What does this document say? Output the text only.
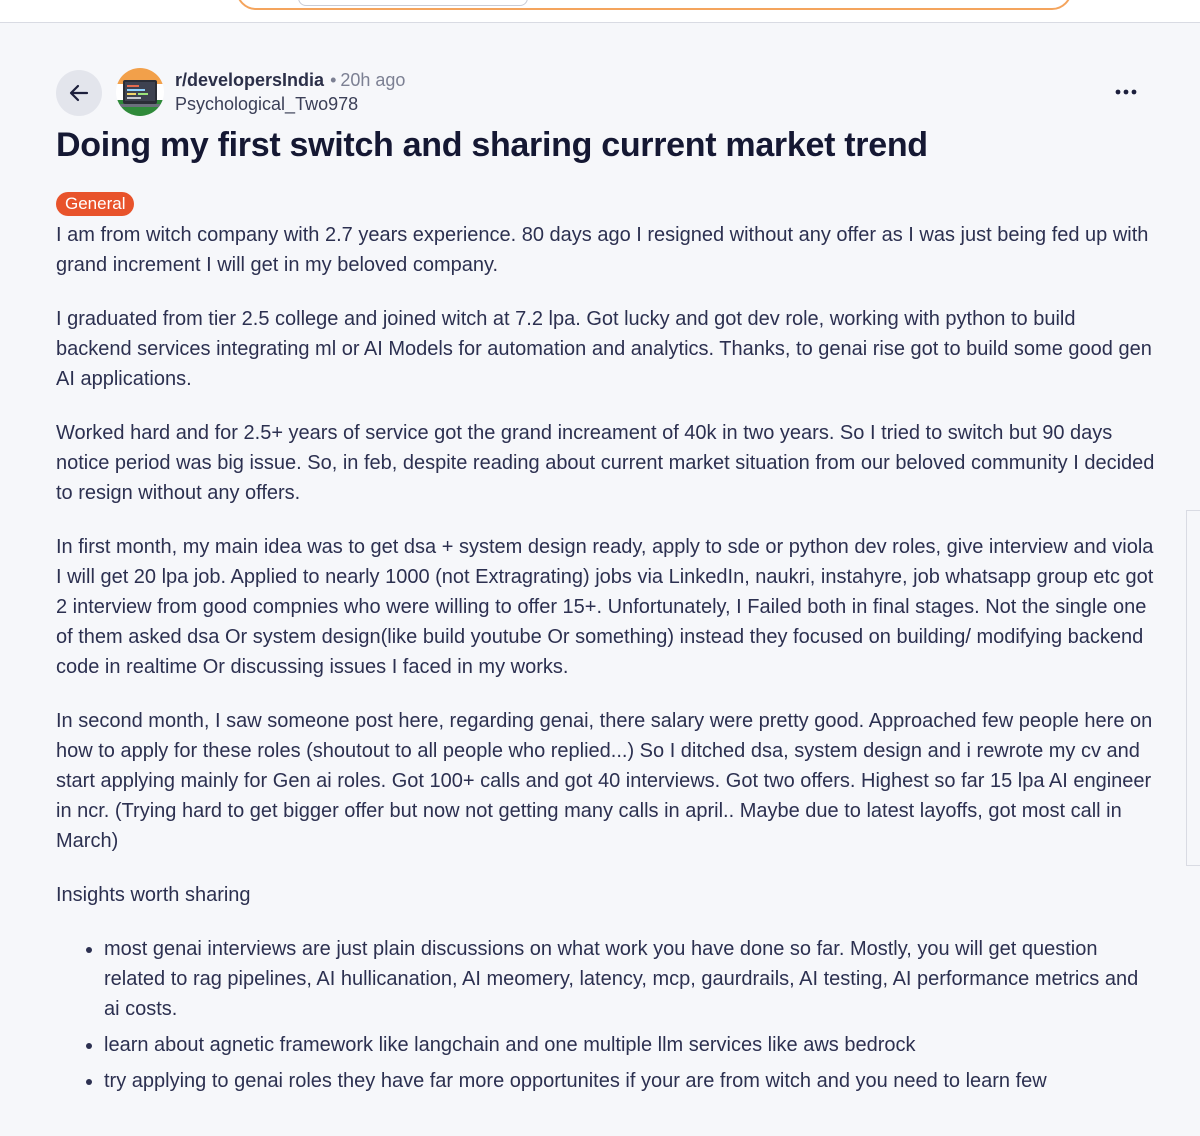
r/developersIndia • 20h ago
Psychological_Two978
Doing my first switch and sharing current market trend
General

I am from witch company with 2.7 years experience. 80 days ago I resigned without any offer as I was just being fed up with grand increment I will get in my beloved company.

I graduated from tier 2.5 college and joined witch at 7.2 lpa. Got lucky and got dev role, working with python to build backend services integrating ml or AI Models for automation and analytics. Thanks, to genai rise got to build some good gen AI applications.

Worked hard and for 2.5+ years of service got the grand increament of 40k in two years. So I tried to switch but 90 days notice period was big issue. So, in feb, despite reading about current market situation from our beloved community I decided to resign without any offers.

In first month, my main idea was to get dsa + system design ready, apply to sde or python dev roles, give interview and viola I will get 20 lpa job. Applied to nearly 1000 (not Extragrating) jobs via LinkedIn, naukri, instahyre, job whatsapp group etc got 2 interview from good compnies who were willing to offer 15+. Unfortunately, I Failed both in final stages. Not the single one of them asked dsa Or system design(like build youtube Or something) instead they focused on building/ modifying backend code in realtime Or discussing issues I faced in my works.

In second month, I saw someone post here, regarding genai, there salary were pretty good. Approached few people here on how to apply for these roles (shoutout to all people who replied...) So I ditched dsa, system design and i rewrote my cv and start applying mainly for Gen ai roles. Got 100+ calls and got 40 interviews. Got two offers. Highest so far 15 lpa AI engineer in ncr. (Trying hard to get bigger offer but now not getting many calls in april.. Maybe due to latest layoffs, got most call in March)

Insights worth sharing

• most genai interviews are just plain discussions on what work you have done so far. Mostly, you will get question related to rag pipelines, AI hullicanation, AI meomery, latency, mcp, gaurdrails, AI testing, AI performance metrics and ai costs.
• learn about agnetic framework like langchain and one multiple llm services like aws bedrock
• try applying to genai roles they have far more opportunites if your are from witch and you need to learn few
